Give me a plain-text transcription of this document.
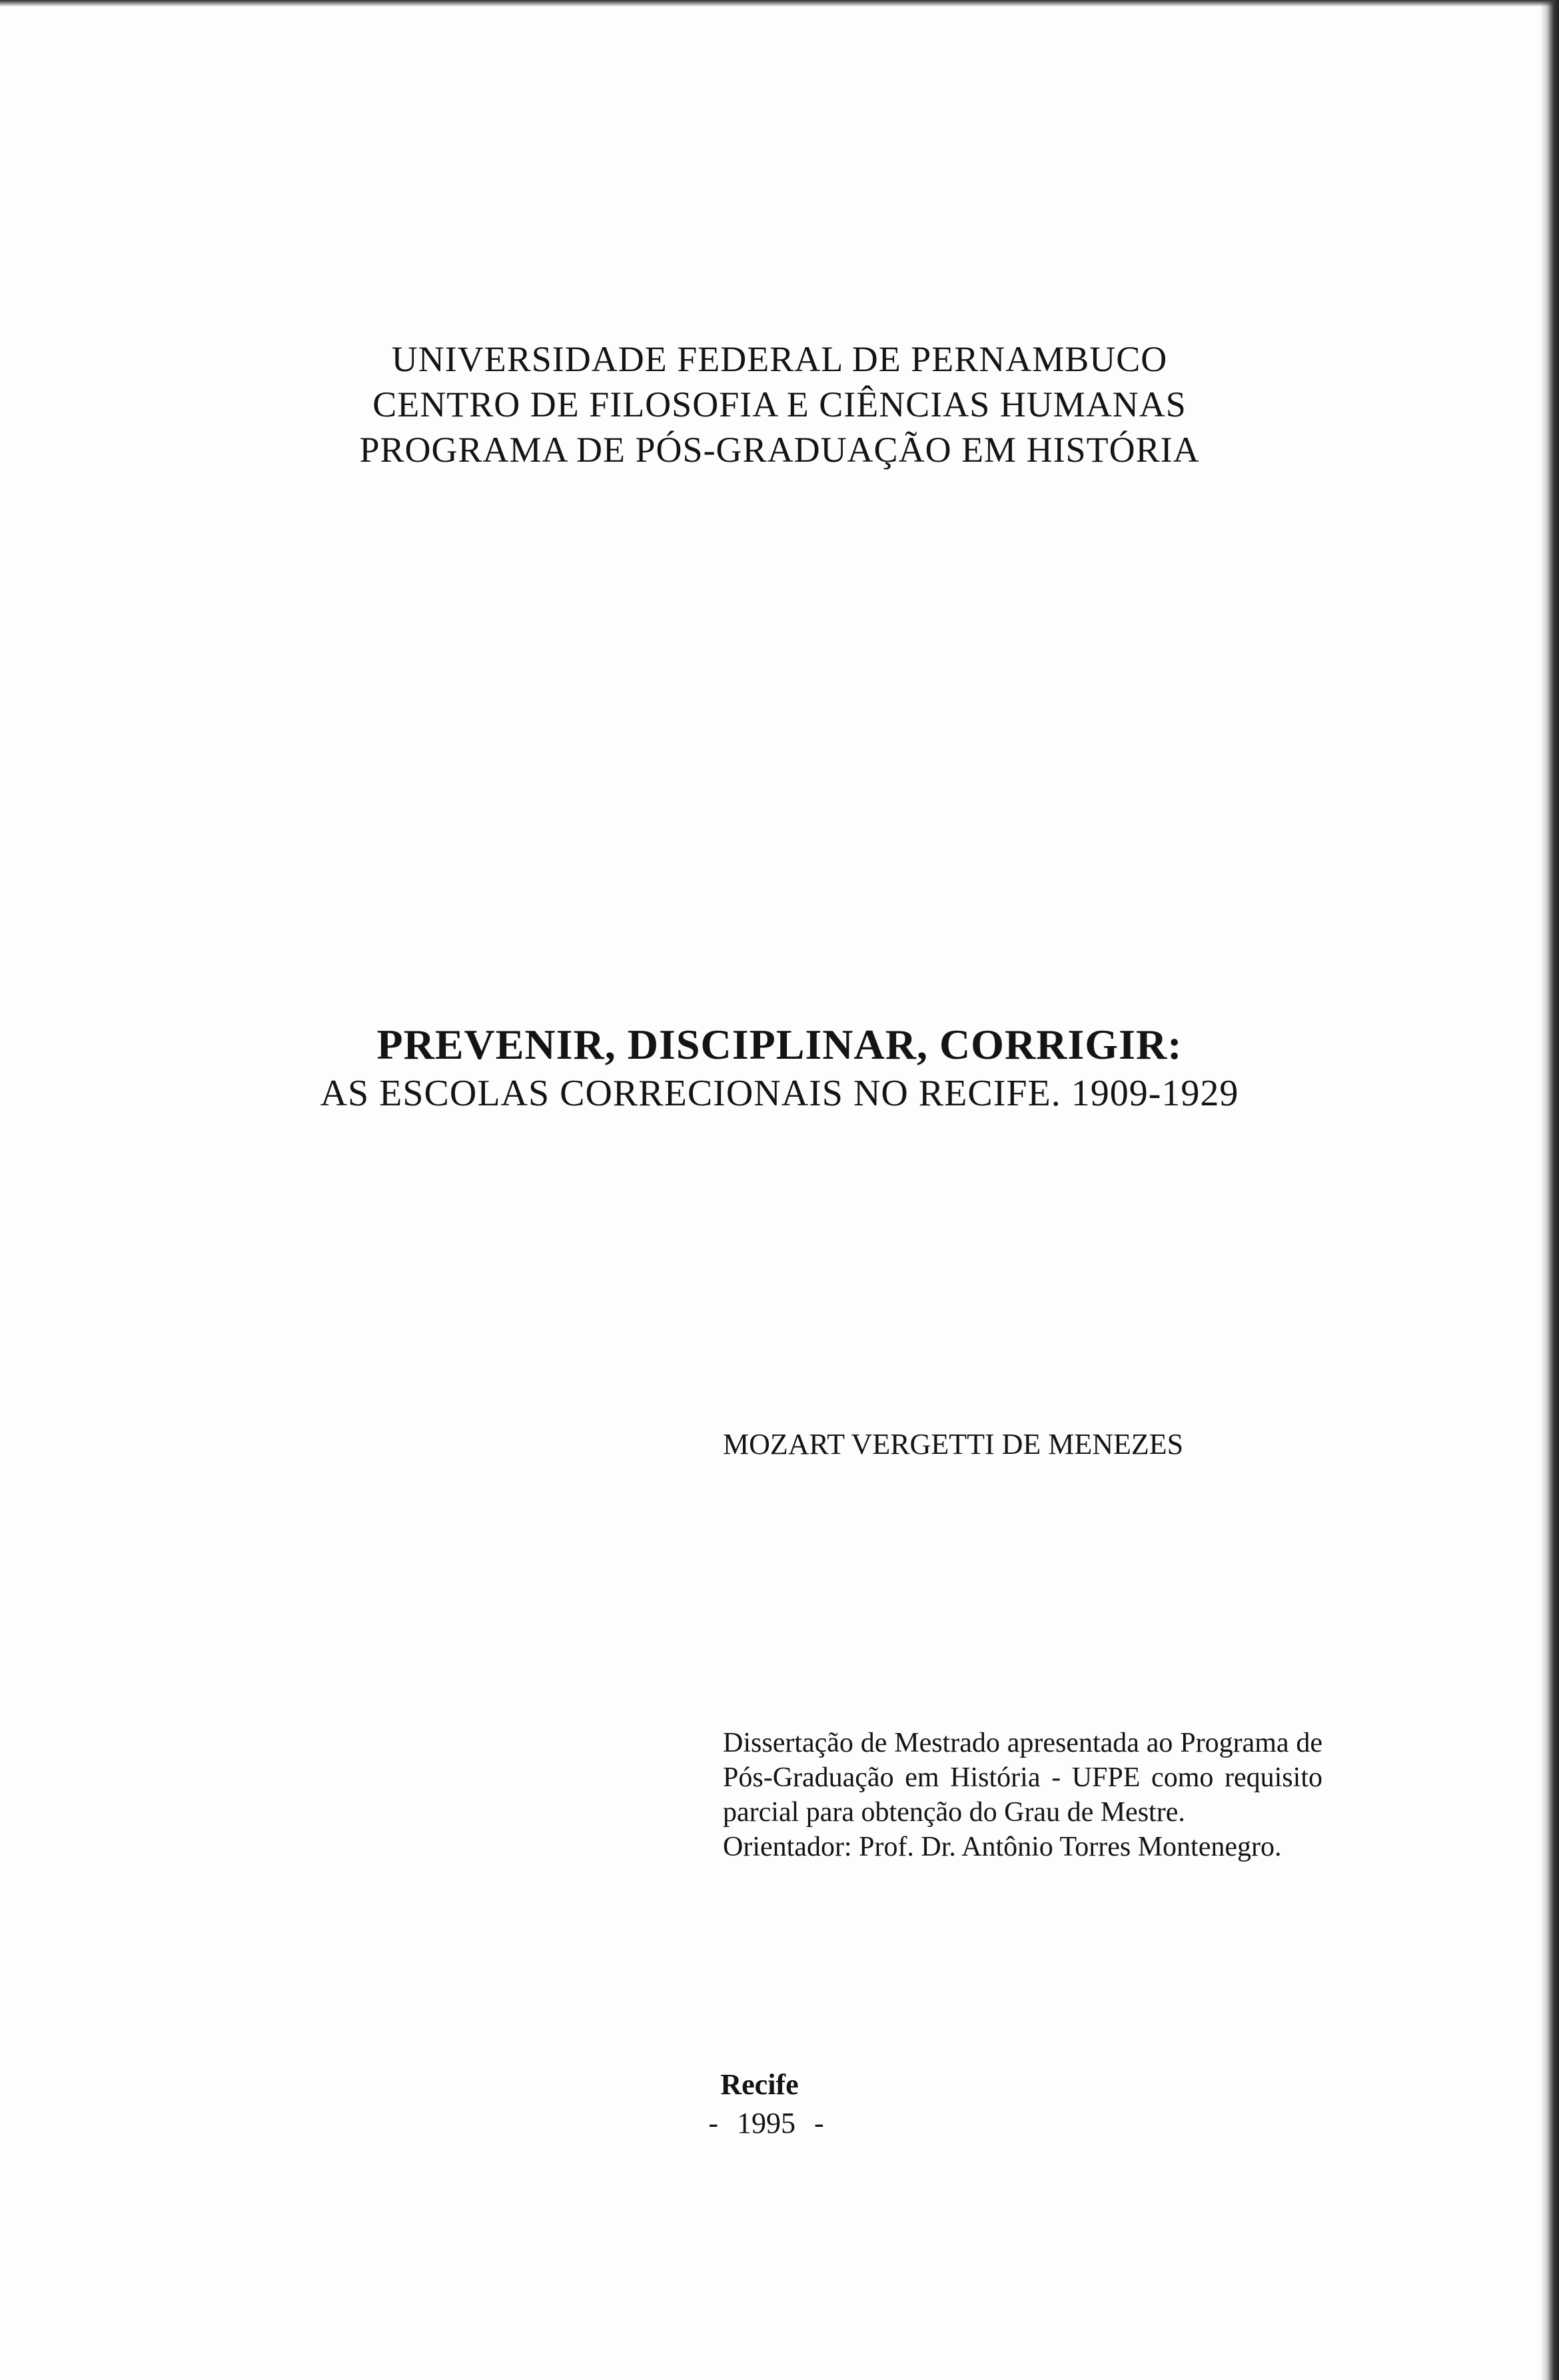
UNIVERSIDADE FEDERAL DE PERNAMBUCO
CENTRO DE FILOSOFIA E CIÊNCIAS HUMANAS
PROGRAMA DE PÓS-GRADUAÇÃO EM HISTÓRIA
PREVENIR, DISCIPLINAR, CORRIGIR:
AS ESCOLAS CORRECIONAIS NO RECIFE. 1909-1929
MOZART VERGETTI DE MENEZES

Dissertação de Mestrado apresentada ao Programa de Pós-Graduação em História - UFPE como requisito parcial para obtenção do Grau de Mestre.

Orientador: Prof. Dr. Antônio Torres Montenegro.

Recife
- 1995 -
